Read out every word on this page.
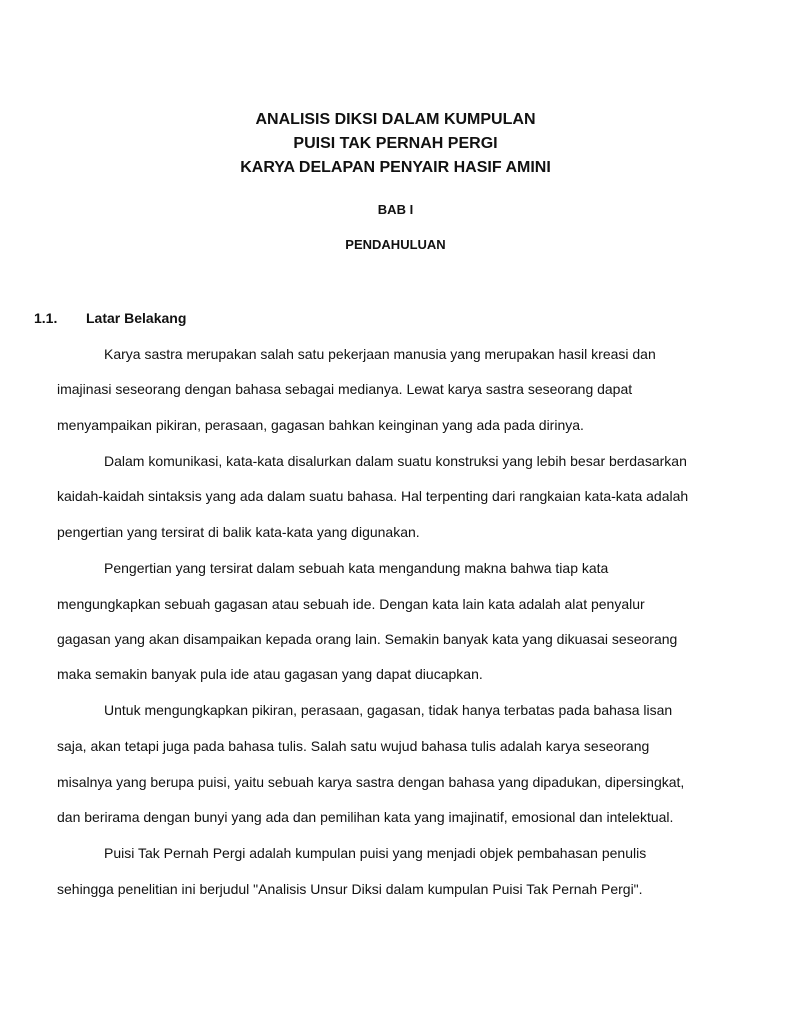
ANALISIS DIKSI DALAM KUMPULAN
PUISI TAK PERNAH PERGI
KARYA DELAPAN PENYAIR HASIF AMINI
BAB I
PENDAHULUAN
1.1. Latar Belakang
Karya sastra merupakan salah satu pekerjaan manusia yang merupakan hasil kreasi dan
imajinasi seseorang dengan bahasa sebagai medianya. Lewat karya sastra seseorang dapat
menyampaikan pikiran, perasaan, gagasan bahkan keinginan yang ada pada dirinya.
Dalam komunikasi, kata-kata disalurkan dalam suatu konstruksi yang lebih besar berdasarkan
kaidah-kaidah sintaksis yang ada dalam suatu bahasa. Hal terpenting dari rangkaian kata-kata adalah
pengertian yang tersirat di balik kata-kata yang digunakan.
Pengertian yang tersirat dalam sebuah kata mengandung makna bahwa tiap kata
mengungkapkan sebuah gagasan atau sebuah ide. Dengan kata lain kata adalah alat penyalur
gagasan yang akan disampaikan kepada orang lain. Semakin banyak kata yang dikuasai seseorang
maka semakin banyak pula ide atau gagasan yang dapat diucapkan.
Untuk mengungkapkan pikiran, perasaan, gagasan, tidak hanya terbatas pada bahasa lisan
saja, akan tetapi juga pada bahasa tulis. Salah satu wujud bahasa tulis adalah karya seseorang
misalnya yang berupa puisi, yaitu sebuah karya sastra dengan bahasa yang dipadukan, dipersingkat,
dan berirama dengan bunyi yang ada dan pemilihan kata yang imajinatif, emosional dan intelektual.
Puisi Tak Pernah Pergi adalah kumpulan puisi yang menjadi objek pembahasan penulis
sehingga penelitian ini berjudul "Analisis Unsur Diksi dalam kumpulan Puisi Tak Pernah Pergi".
